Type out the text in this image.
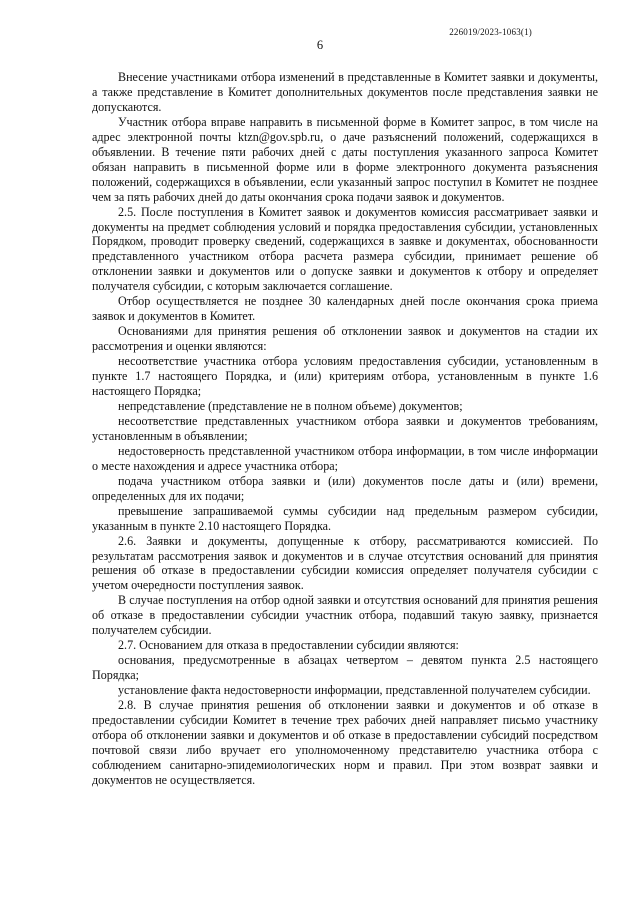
226019/2023-1063(1)
6

Внесение участниками отбора изменений в представленные в Комитет заявки и документы, а также представление в Комитет дополнительных документов после представления заявки не допускаются.

Участник отбора вправе направить в письменной форме в Комитет запрос, в том числе на адрес электронной почты ktzn@gov.spb.ru, о даче разъяснений положений, содержащихся в объявлении. В течение пяти рабочих дней с даты поступления указанного запроса Комитет обязан направить в письменной форме или в форме электронного документа разъяснения положений, содержащихся в объявлении, если указанный запрос поступил в Комитет не позднее чем за пять рабочих дней до даты окончания срока подачи заявок и документов.

2.5. После поступления в Комитет заявок и документов комиссия рассматривает заявки и документы на предмет соблюдения условий и порядка предоставления субсидии, установленных Порядком, проводит проверку сведений, содержащихся в заявке и документах, обоснованности представленного участником отбора расчета размера субсидии, принимает решение об отклонении заявки и документов или о допуске заявки и документов к отбору и определяет получателя субсидии, с которым заключается соглашение.

Отбор осуществляется не позднее 30 календарных дней после окончания срока приема заявок и документов в Комитет.

Основаниями для принятия решения об отклонении заявок и документов на стадии их рассмотрения и оценки являются:

несоответствие участника отбора условиям предоставления субсидии, установленным в пункте 1.7 настоящего Порядка, и (или) критериям отбора, установленным в пункте 1.6 настоящего Порядка;

непредставление (представление не в полном объеме) документов;

несоответствие представленных участником отбора заявки и документов требованиям, установленным в объявлении;

недостоверность представленной участником отбора информации, в том числе информации о месте нахождения и адресе участника отбора;

подача участником отбора заявки и (или) документов после даты и (или) времени, определенных для их подачи;

превышение запрашиваемой суммы субсидии над предельным размером субсидии, указанным в пункте 2.10 настоящего Порядка.

2.6. Заявки и документы, допущенные к отбору, рассматриваются комиссией. По результатам рассмотрения заявок и документов и в случае отсутствия оснований для принятия решения об отказе в предоставлении субсидии комиссия определяет получателя субсидии с учетом очередности поступления заявок.

В случае поступления на отбор одной заявки и отсутствия оснований для принятия решения об отказе в предоставлении субсидии участник отбора, подавший такую заявку, признается получателем субсидии.

2.7. Основанием для отказа в предоставлении субсидии являются:

основания, предусмотренные в абзацах четвертом – девятом пункта 2.5 настоящего Порядка;

установление факта недостоверности информации, представленной получателем субсидии.

2.8. В случае принятия решения об отклонении заявки и документов и об отказе в предоставлении субсидии Комитет в течение трех рабочих дней направляет письмо участнику отбора об отклонении заявки и документов и об отказе в предоставлении субсидий посредством почтовой связи либо вручает его уполномоченному представителю участника отбора с соблюдением санитарно-эпидемиологических норм и правил. При этом возврат заявки и документов не осуществляется.
